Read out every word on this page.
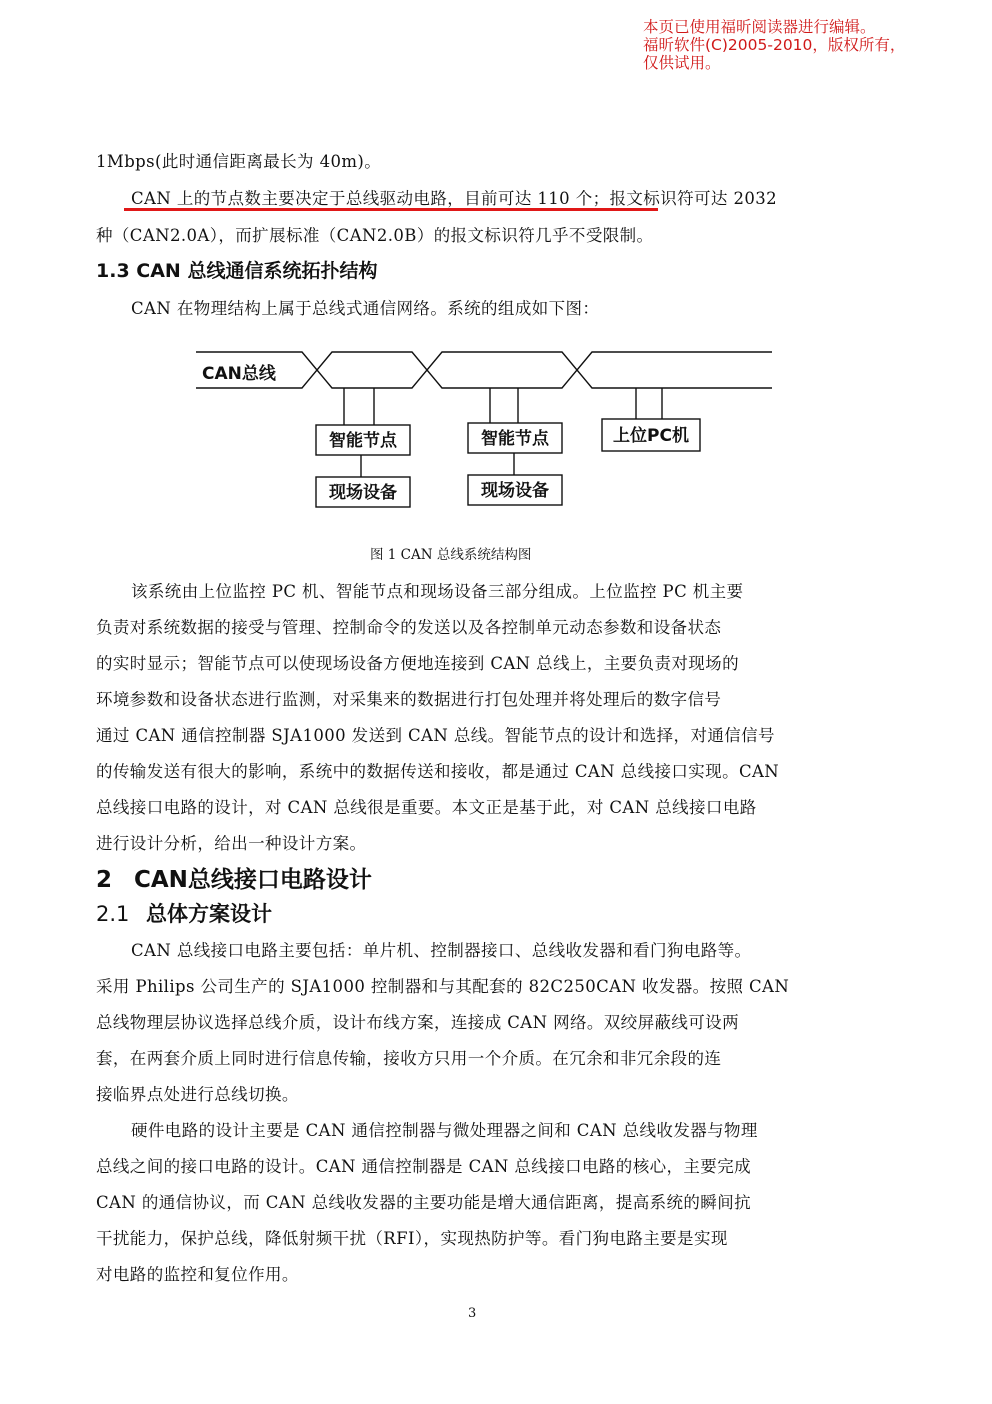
本页已使用福昕阅读器进行编辑。
福昕软件(C)2005-2010，版权所有，
仅供试用。
1Mbps(此时通信距离最长为 40m)。
CAN 上的节点数主要决定于总线驱动电路，目前可达 110 个；报文标识符可达 2032
种（CAN2.0A），而扩展标准（CAN2.0B）的报文标识符几乎不受限制。
1.3 CAN 总线通信系统拓扑结构
CAN 在物理结构上属于总线式通信网络。系统的组成如下图：
CAN总线
智能节点
现场设备
智能节点
现场设备
上位PC机
图 1 CAN 总线系统结构图
该系统由上位监控 PC 机、智能节点和现场设备三部分组成。上位监控 PC 机主要
负责对系统数据的接受与管理、控制命令的发送以及各控制单元动态参数和设备状态
的实时显示；智能节点可以使现场设备方便地连接到 CAN 总线上，主要负责对现场的
环境参数和设备状态进行监测，对采集来的数据进行打包处理并将处理后的数字信号
通过 CAN 通信控制器 SJA1000 发送到 CAN 总线。智能节点的设计和选择，对通信信号
的传输发送有很大的影响，系统中的数据传送和接收，都是通过 CAN 总线接口实现。CAN
总线接口电路的设计，对 CAN 总线很是重要。本文正是基于此，对 CAN 总线接口电路
进行设计分析，给出一种设计方案。
2 CAN总线接口电路设计
2.1 总体方案设计
CAN 总线接口电路主要包括：单片机、控制器接口、总线收发器和看门狗电路等。
采用 Philips 公司生产的 SJA1000 控制器和与其配套的 82C250CAN 收发器。按照 CAN
总线物理层协议选择总线介质，设计布线方案，连接成 CAN 网络。双绞屏蔽线可设两
套，在两套介质上同时进行信息传输，接收方只用一个介质。在冗余和非冗余段的连
接临界点处进行总线切换。
硬件电路的设计主要是 CAN 通信控制器与微处理器之间和 CAN 总线收发器与物理
总线之间的接口电路的设计。CAN 通信控制器是 CAN 总线接口电路的核心，主要完成
CAN 的通信协议，而 CAN 总线收发器的主要功能是增大通信距离，提高系统的瞬间抗
干扰能力，保护总线，降低射频干扰（RFI），实现热防护等。看门狗电路主要是实现
对电路的监控和复位作用。
3
